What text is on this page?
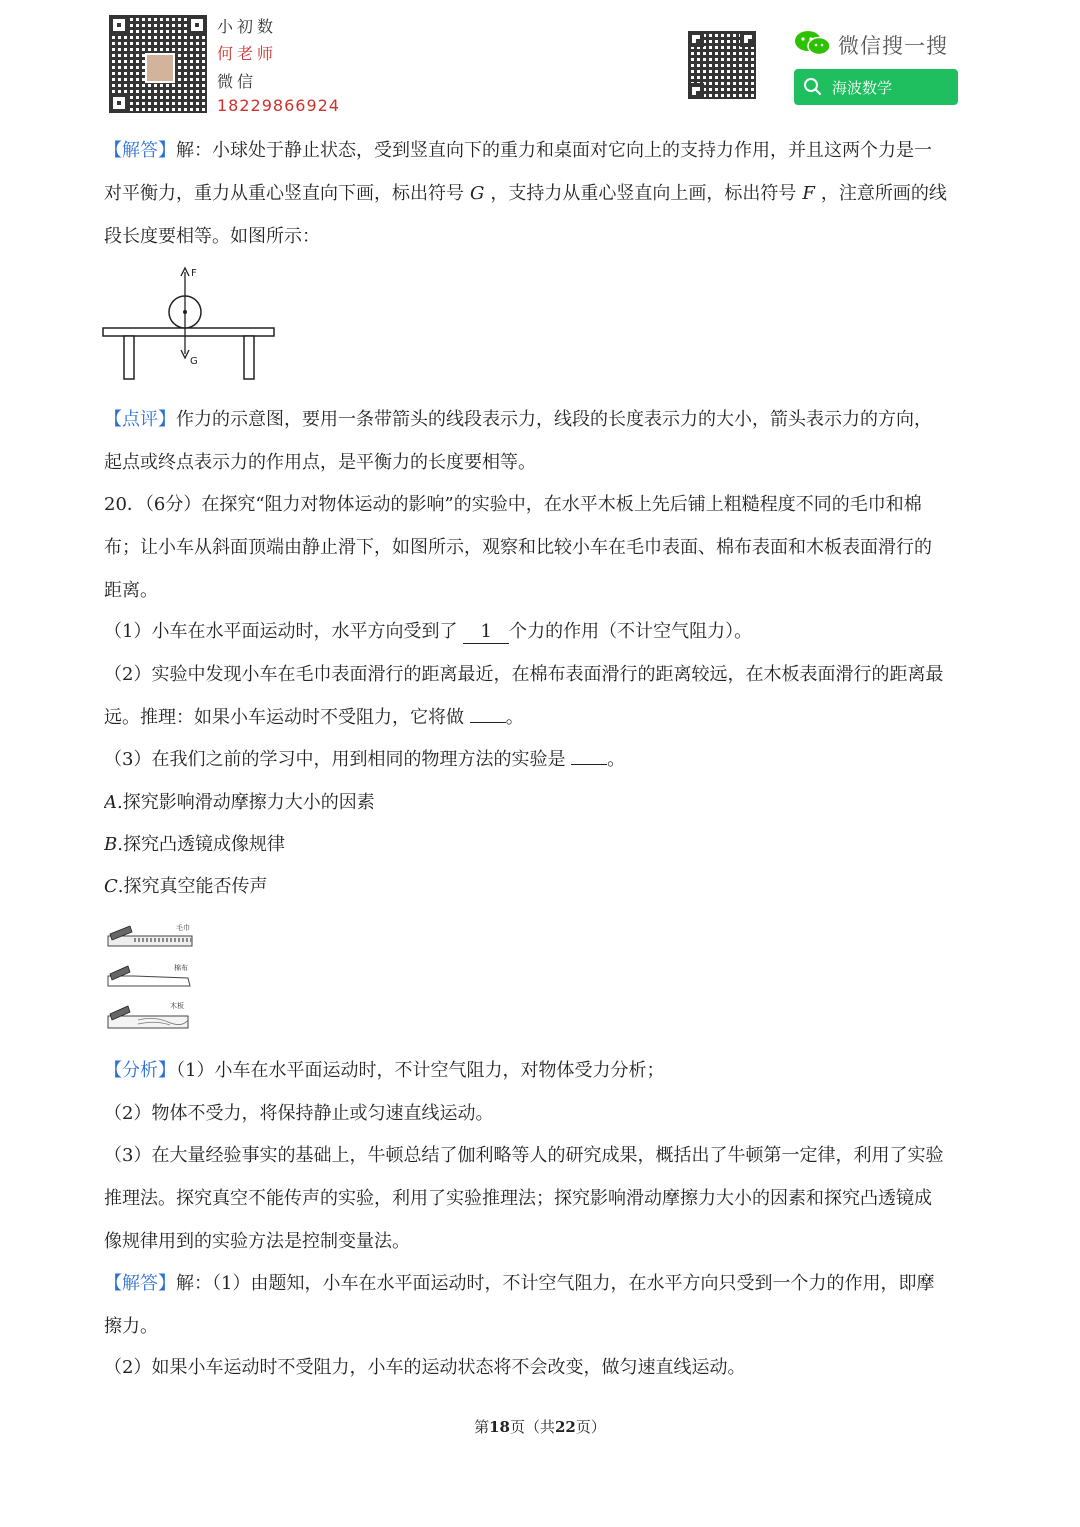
小初数
何老师
微信
18229866924
微信搜一搜
海波数学
【解答】解：小球处于静止状态，受到竖直向下的重力和桌面对它向上的支持力作用，并且这两个力是一
对平衡力，重力从重心竖直向下画，标出符号 G ，支持力从重心竖直向上画，标出符号 F ，注意所画的线
段长度要相等。如图所示：
F
G
【点评】作力的示意图，要用一条带箭头的线段表示力，线段的长度表示力的大小，箭头表示力的方向，
起点或终点表示力的作用点，是平衡力的长度要相等。
20．（6分）在探究“阻力对物体运动的影响”的实验中，在水平木板上先后铺上粗糙程度不同的毛巾和棉
布；让小车从斜面顶端由静止滑下，如图所示，观察和比较小车在毛巾表面、棉布表面和木板表面滑行的
距离。
（1）小车在水平面运动时，水平方向受到了 1 个力的作用（不计空气阻力）。
（2）实验中发现小车在毛巾表面滑行的距离最近，在棉布表面滑行的距离较远，在木板表面滑行的距离最
远。推理：如果小车运动时不受阻力，它将做 。
（3）在我们之前的学习中，用到相同的物理方法的实验是 。
A.探究影响滑动摩擦力大小的因素
B.探究凸透镜成像规律
C.探究真空能否传声
毛巾
棉布
木板
【分析】（1）小车在水平面运动时，不计空气阻力，对物体受力分析；
（2）物体不受力，将保持静止或匀速直线运动。
（3）在大量经验事实的基础上，牛顿总结了伽利略等人的研究成果，概括出了牛顿第一定律，利用了实验
推理法。探究真空不能传声的实验，利用了实验推理法；探究影响滑动摩擦力大小的因素和探究凸透镜成
像规律用到的实验方法是控制变量法。
【解答】解：（1）由题知，小车在水平面运动时，不计空气阻力，在水平方向只受到一个力的作用，即摩
擦力。
（2）如果小车运动时不受阻力，小车的运动状态将不会改变，做匀速直线运动。
第18页（共22页）
